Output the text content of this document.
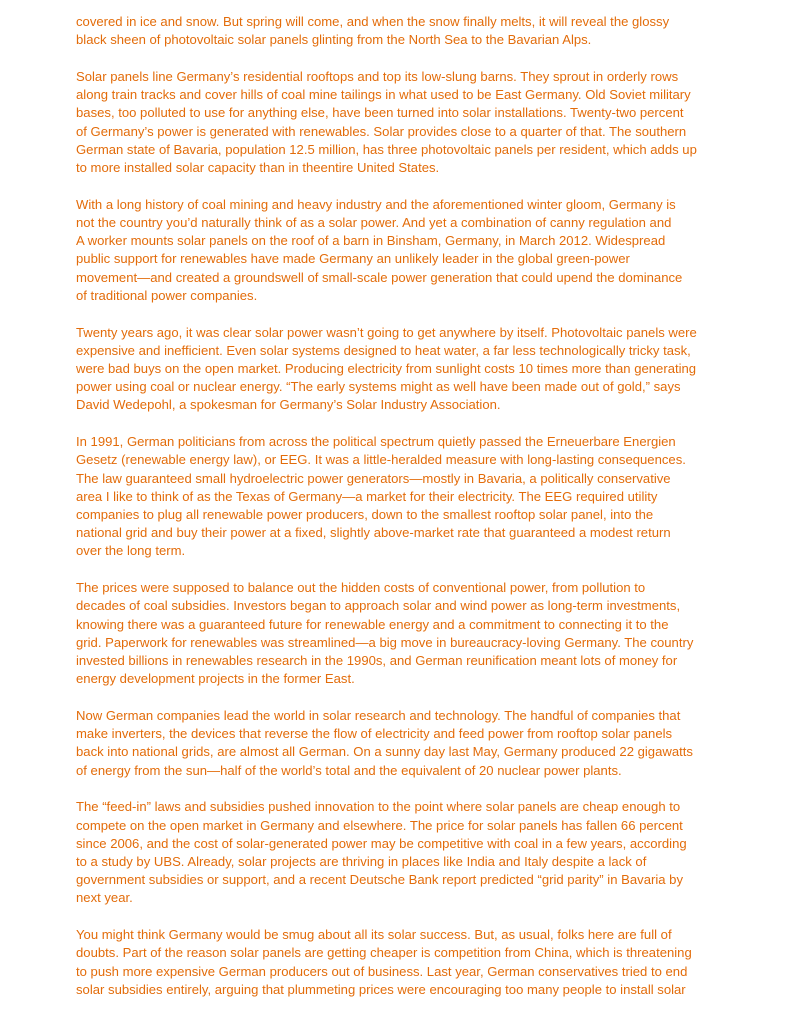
covered in ice and snow. But spring will come, and when the snow finally melts, it will reveal the glossy
black sheen of photovoltaic solar panels glinting from the North Sea to the Bavarian Alps.

Solar panels line Germany’s residential rooftops and top its low-slung barns. They sprout in orderly rows
along train tracks and cover hills of coal mine tailings in what used to be East Germany. Old Soviet military
bases, too polluted to use for anything else, have been turned into solar installations. Twenty-two percent
of Germany’s power is generated with renewables. Solar provides close to a quarter of that. The southern
German state of Bavaria, population 12.5 million, has three photovoltaic panels per resident, which adds up
to more installed solar capacity than in theentire United States.

With a long history of coal mining and heavy industry and the aforementioned winter gloom, Germany is
not the country you’d naturally think of as a solar power. And yet a combination of canny regulation and
A worker mounts solar panels on the roof of a barn in Binsham, Germany, in March 2012. Widespread
public support for renewables have made Germany an unlikely leader in the global green-power
movement—and created a groundswell of small-scale power generation that could upend the dominance
of traditional power companies.

Twenty years ago, it was clear solar power wasn’t going to get anywhere by itself. Photovoltaic panels were
expensive and inefficient. Even solar systems designed to heat water, a far less technologically tricky task,
were bad buys on the open market. Producing electricity from sunlight costs 10 times more than generating
power using coal or nuclear energy. “The early systems might as well have been made out of gold,” says
David Wedepohl, a spokesman for Germany’s Solar Industry Association.

In 1991, German politicians from across the political spectrum quietly passed the Erneuerbare Energien
Gesetz (renewable energy law), or EEG. It was a little-heralded measure with long-lasting consequences.
The law guaranteed small hydroelectric power generators—mostly in Bavaria, a politically conservative
area I like to think of as the Texas of Germany—a market for their electricity. The EEG required utility
companies to plug all renewable power producers, down to the smallest rooftop solar panel, into the
national grid and buy their power at a fixed, slightly above-market rate that guaranteed a modest return
over the long term.

The prices were supposed to balance out the hidden costs of conventional power, from pollution to
decades of coal subsidies. Investors began to approach solar and wind power as long-term investments,
knowing there was a guaranteed future for renewable energy and a commitment to connecting it to the
grid. Paperwork for renewables was streamlined—a big move in bureaucracy-loving Germany. The country
invested billions in renewables research in the 1990s, and German reunification meant lots of money for
energy development projects in the former East.

Now German companies lead the world in solar research and technology. The handful of companies that
make inverters, the devices that reverse the flow of electricity and feed power from rooftop solar panels
back into national grids, are almost all German. On a sunny day last May, Germany produced 22 gigawatts
of energy from the sun—half of the world’s total and the equivalent of 20 nuclear power plants.

The “feed-in” laws and subsidies pushed innovation to the point where solar panels are cheap enough to
compete on the open market in Germany and elsewhere. The price for solar panels has fallen 66 percent
since 2006, and the cost of solar-generated power may be competitive with coal in a few years, according
to a study by UBS. Already, solar projects are thriving in places like India and Italy despite a lack of
government subsidies or support, and a recent Deutsche Bank report predicted “grid parity” in Bavaria by
next year.

You might think Germany would be smug about all its solar success. But, as usual, folks here are full of
doubts. Part of the reason solar panels are getting cheaper is competition from China, which is threatening
to push more expensive German producers out of business. Last year, German conservatives tried to end
solar subsidies entirely, arguing that plummeting prices were encouraging too many people to install solar
